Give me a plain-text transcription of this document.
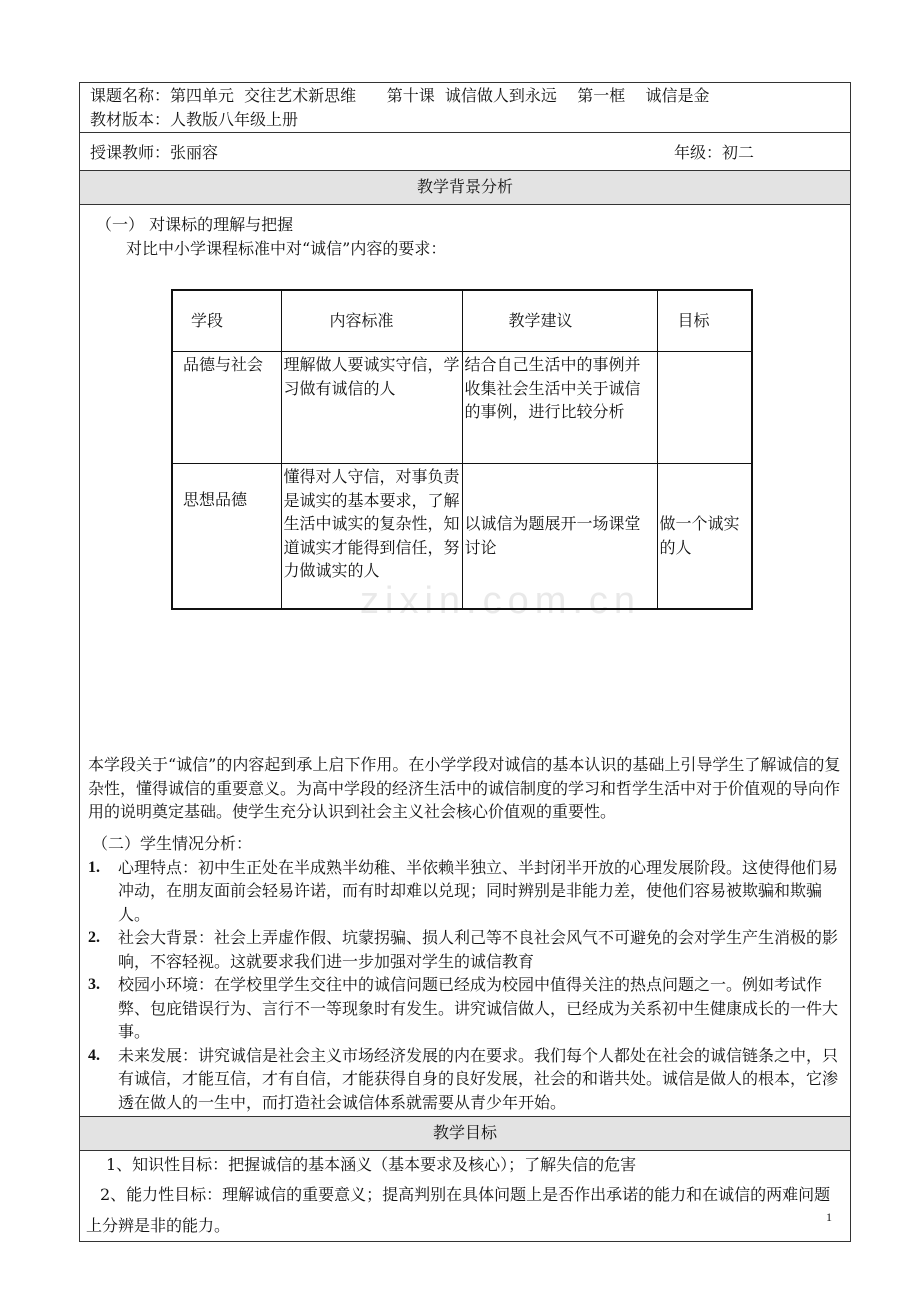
zixin.com.cn
课题名称：第四单元  交往艺术新思维      第十课  诚信做人到永远    第一框    诚信是金
教材版本：人教版八年级上册
授课教师：张丽容	年级：初二
教学背景分析
（一） 对课标的理解与把握
对比中小学课程标准中对“诚信”内容的要求：
学段	内容标准	教学建议	目标
品德与社会	理解做人要诚实守信，学习做有诚信的人	结合自己生活中的事例并收集社会生活中关于诚信的事例，进行比较分析	
思想品德	懂得对人守信，对事负责是诚实的基本要求，了解生活中诚实的复杂性，知道诚实才能得到信任，努力做诚实的人	以诚信为题展开一场课堂讨论	做一个诚实的人
本学段关于“诚信”的内容起到承上启下作用。在小学学段对诚信的基本认识的基础上引导学生了解诚信的复杂性，懂得诚信的重要意义。为高中学段的经济生活中的诚信制度的学习和哲学生活中对于价值观的导向作用的说明奠定基础。使学生充分认识到社会主义社会核心价值观的重要性。
（二）学生情况分析：
1. 心理特点：初中生正处在半成熟半幼稚、半依赖半独立、半封闭半开放的心理发展阶段。这使得他们易冲动，在朋友面前会轻易许诺，而有时却难以兑现；同时辨别是非能力差，使他们容易被欺骗和欺骗人。
2. 社会大背景：社会上弄虚作假、坑蒙拐骗、损人利己等不良社会风气不可避免的会对学生产生消极的影响，不容轻视。这就要求我们进一步加强对学生的诚信教育
3. 校园小环境：在学校里学生交往中的诚信问题已经成为校园中值得关注的热点问题之一。例如考试作弊、包庇错误行为、言行不一等现象时有发生。讲究诚信做人，已经成为关系初中生健康成长的一件大事。
4. 未来发展：讲究诚信是社会主义市场经济发展的内在要求。我们每个人都处在社会的诚信链条之中，只有诚信，才能互信，才有自信，才能获得自身的良好发展，社会的和谐共处。诚信是做人的根本，它渗透在做人的一生中，而打造社会诚信体系就需要从青少年开始。
教学目标
1、知识性目标：把握诚信的基本涵义（基本要求及核心）；了解失信的危害
2、能力性目标：理解诚信的重要意义；提高判别在具体问题上是否作出承诺的能力和在诚信的两难问题上分辨是非的能力。	1
